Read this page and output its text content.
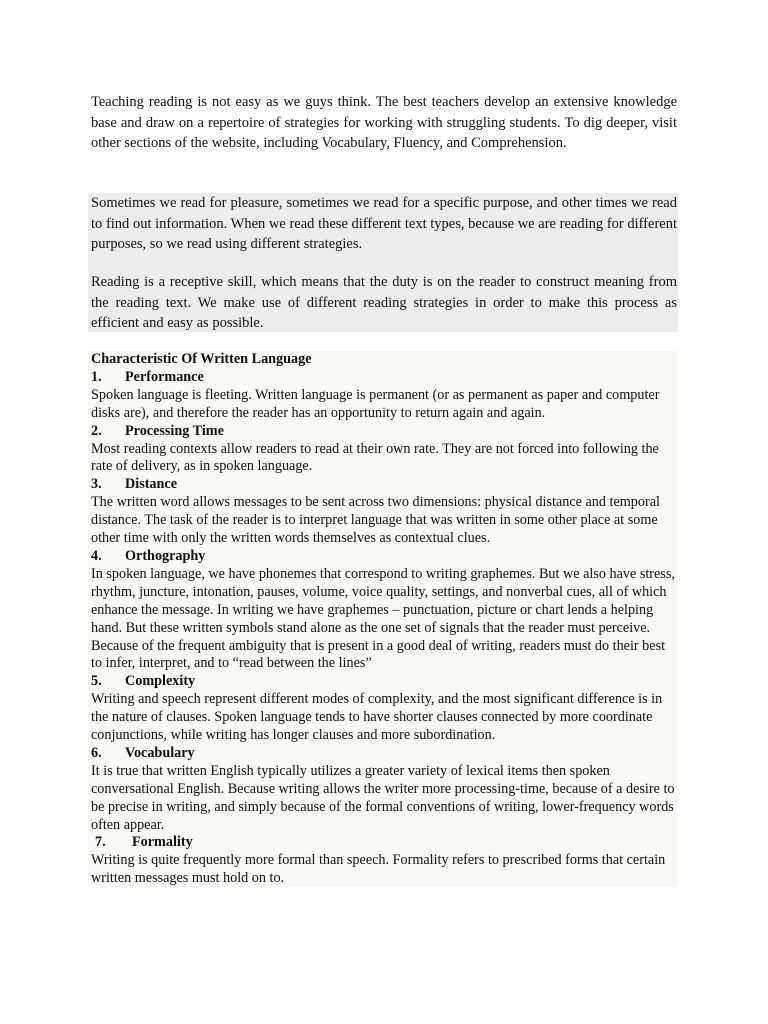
Teaching reading is not easy as we guys think. The best teachers develop an extensive knowledge base and draw on a repertoire of strategies for working with struggling students. To dig deeper, visit other sections of the website, including Vocabulary, Fluency, and Comprehension.

Sometimes we read for pleasure, sometimes we read for a specific purpose, and other times we read to find out information. When we read these different text types, because we are reading for different purposes, so we read using different strategies.

Reading is a receptive skill, which means that the duty is on the reader to construct meaning from the reading text. We make use of different reading strategies in order to make this process as efficient and easy as possible.

Characteristic Of Written Language

1.	Performance

Spoken language is fleeting. Written language is permanent (or as permanent as paper and computer disks are), and therefore the reader has an opportunity to return again and again.

2.	Processing Time

Most reading contexts allow readers to read at their own rate. They are not forced into following the rate of delivery, as in spoken language.

3.	Distance

The written word allows messages to be sent across two dimensions: physical distance and temporal distance. The task of the reader is to interpret language that was written in some other place at some other time with only the written words themselves as contextual clues.

4.	Orthography

In spoken language, we have phonemes that correspond to writing graphemes. But we also have stress, rhythm, juncture, intonation, pauses, volume, voice quality, settings, and nonverbal cues, all of which enhance the message. In writing we have graphemes – punctuation, picture or chart lends a helping hand. But these written symbols stand alone as the one set of signals that the reader must perceive. Because of the frequent ambiguity that is present in a good deal of writing, readers must do their best to infer, interpret, and to “read between the lines”

5.	Complexity

Writing and speech represent different modes of complexity, and the most significant difference is in the nature of clauses. Spoken language tends to have shorter clauses connected by more coordinate conjunctions, while writing has longer clauses and more subordination.

6.	Vocabulary

It is true that written English typically utilizes a greater variety of lexical items then spoken conversational English. Because writing allows the writer more processing-time, because of a desire to be precise in writing, and simply because of the formal conventions of writing, lower-frequency words often appear.

7.	Formality

Writing is quite frequently more formal than speech. Formality refers to prescribed forms that certain written messages must hold on to.
